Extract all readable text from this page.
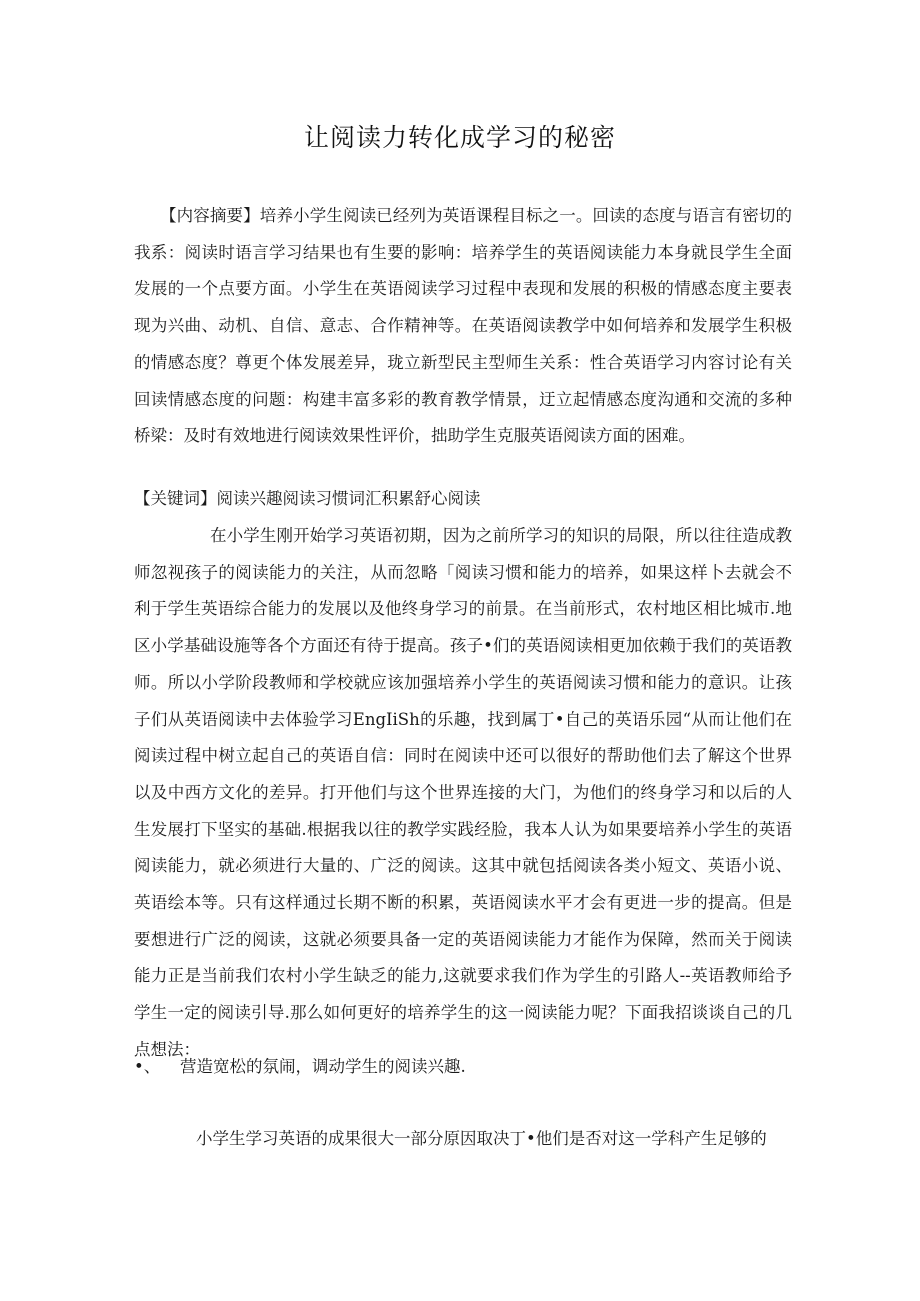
让阅读力转化成学习的秘密
【内容摘要】培养小学生阅读已经列为英语课程目标之一。回读的态度与语言有密切的我系：阅读时语言学习结果也有生要的影响：培养学生的英语阅读能力本身就艮学生全面发展的一个点要方面。小学生在英语阅读学习过程中表现和发展的积极的情感态度主要表现为兴曲、动机、自信、意志、合作精神等。在英语阅读教学中如何培养和发展学生积极的情感态度？尊更个体发展差异，珑立新型民主型师生关系：性合英语学习内容讨论有关回读情感态度的问题：构建丰富多彩的教育教学情景，迂立起情感态度沟通和交流的多种桥梁：及时有效地进行阅读效果性评价，拙助学生克服英语阅读方面的困难。
【关键词】阅读兴趣阅读习惯词汇积累舒心阅读
在小学生刚开始学习英语初期，因为之前所学习的知识的局限，所以往往造成教师忽视孩子的阅读能力的关注，从而忽略「阅读习惯和能力的培养，如果这样卜去就会不利于学生英语综合能力的发展以及他终身学习的前景。在当前形式，农村地区相比城市.地区小学基础设施等各个方面还有待于提高。孩子•们的英语阅读相更加依赖于我们的英语教师。所以小学阶段教师和学校就应该加强培养小学生的英语阅读习惯和能力的意识。让孩子们从英语阅读中去体验学习EngIiSh的乐趣，找到属丁•自己的英语乐园“从而让他们在阅读过程中树立起自己的英语自信：同时在阅读中还可以很好的帮助他们去了解这个世界以及中西方文化的差异。打开他们与这个世界连接的大门，为他们的终身学习和以后的人生发展打下坚实的基础.根据我以往的教学实践经脸，我本人认为如果要培养小学生的英语阅读能力，就必须进行大量的、广泛的阅读。这其中就包括阅读各类小短文、英语小说、英语绘本等。只有这样通过长期不断的积累，英语阅读水平才会有更进一步的提高。但是要想进行广泛的阅读，这就必须要具备一定的英语阅读能力才能作为保障，然而关于阅读能力正是当前我们农村小学生缺乏的能力,这就要求我们作为学生的引路人--英语教师给予学生一定的阅读引导.那么如何更好的培养学生的这一阅读能力呢？下面我招谈谈自己的几点想法：
•、 营造宽松的氛闹，调动学生的阅读兴趣.
小学生学习英语的成果很大一部分原因取决丁•他们是否对这一学科产生足够的
